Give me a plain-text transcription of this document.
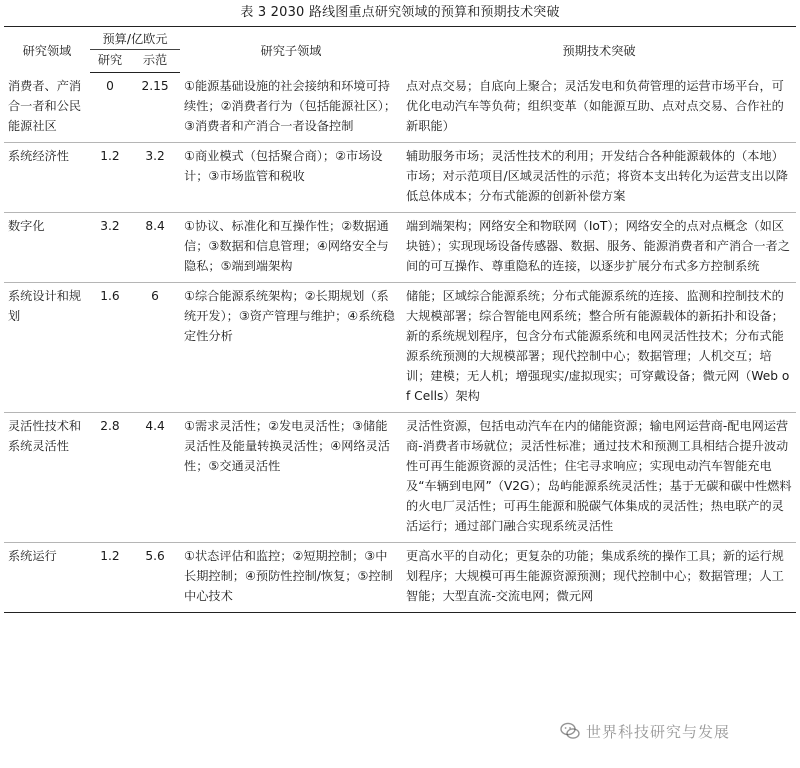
表 3 2030 路线图重点研究领域的预算和预期技术突破
研究领域	预算/亿欧元		研究子领域	预期技术突破
	研究	示范		
消费者、产消合一者和公民能源社区	0	2.15	①能源基础设施的社会接纳和环境可持续性；②消费者行为（包括能源社区）；③消费者和产消合一者设备控制	点对点交易；自底向上聚合；灵活发电和负荷管理的运营市场平台，可优化电动汽车等负荷；组织变革（如能源互助、点对点交易、合作社的新职能）
系统经济性	1.2	3.2	①商业模式（包括聚合商）；②市场设计；③市场监管和税收	辅助服务市场；灵活性技术的利用；开发结合各种能源载体的（本地）市场；对示范项目/区域灵活性的示范；将资本支出转化为运营支出以降低总体成本；分布式能源的创新补偿方案
数字化	3.2	8.4	①协议、标准化和互操作性；②数据通信；③数据和信息管理；④网络安全与隐私；⑤端到端架构	端到端架构；网络安全和物联网（IoT）；网络安全的点对点概念（如区块链）；实现现场设备传感器、数据、服务、能源消费者和产消合一者之间的可互操作、尊重隐私的连接，以逐步扩展分布式多方控制系统
系统设计和规划	1.6	6	①综合能源系统架构；②长期规划（系统开发）；③资产管理与维护；④系统稳定性分析	储能；区域综合能源系统；分布式能源系统的连接、监测和控制技术的大规模部署；综合智能电网系统；整合所有能源载体的新拓扑和设备；新的系统规划程序，包含分布式能源系统和电网灵活性技术；分布式能源系统预测的大规模部署；现代控制中心；数据管理；人机交互；培训；建模；无人机；增强现实/虚拟现实；可穿戴设备；微元网（Web of Cells）架构
灵活性技术和系统灵活性	2.8	4.4	①需求灵活性；②发电灵活性；③储能灵活性及能量转换灵活性；④网络灵活性；⑤交通灵活性	灵活性资源，包括电动汽车在内的储能资源；输电网运营商-配电网运营商-消费者市场就位；灵活性标准；通过技术和预测工具相结合提升波动性可再生能源资源的灵活性；住宅寻求响应；实现电动汽车智能充电及“车辆到电网”（V2G）；岛屿能源系统灵活性；基于无碳和碳中性燃料的火电厂灵活性；可再生能源和脱碳气体集成的灵活性；热电联产的灵活运行；通过部门融合实现系统灵活性
系统运行	1.2	5.6	①状态评估和监控；②短期控制；③中长期控制；④预防性控制/恢复；⑤控制中心技术	更高水平的自动化；更复杂的功能；集成系统的操作工具；新的运行规划程序；大规模可再生能源资源预测；现代控制中心；数据管理；人工智能；大型直流-交流电网；微元网
世界科技研究与发展
